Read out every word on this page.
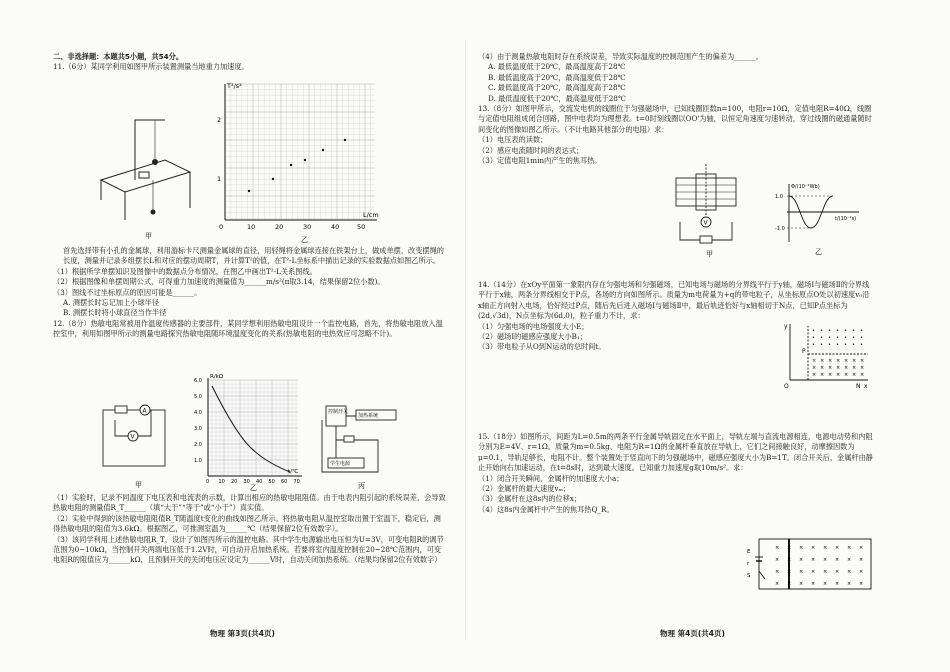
二、非选择题：本题共5小题，共54分。

11.（6分）某同学利用如图甲所示装置测量当地重力加速度。

甲
T²/s²
L/cm
1
2
0	10	20	30	40	50
乙

首先选择带有小孔的金属球，利用游标卡尺测量金属球的直径，用轻绳将金属球连接在铁架台上，做成单摆，改变摆绳的长度，测量并记录多组摆长L和对应的摆动周期T，并计算T²的值，在T²-L坐标系中描出记录的实验数据点如图乙所示。

（1）根据所学单摆知识及图像中的数据点分布情况，在图乙中画出T²-L关系图线。

（2）根据图像和单摆周期公式，可得重力加速度的测量值为______m/s²(π取3.14，结果保留2位小数)。

（3）图线不过坐标原点的原因可能是______。

A. 测摆长时忘记加上小球半径

B. 测摆长时将小球直径当作半径

12.（8分）热敏电阻常被用作温度传感器的主要部件，某同学想利用热敏电阻设计一个监控电路，首先，将热敏电阻放入温控室中，利用如图甲所示的测量电路探究热敏电阻随环境温度变化的关系(热敏电阻的电热效应可忽略不计)。

A
V
甲
R/kΩ
t/℃
1.0
2.0
3.0
4.0
5.0
6.0
0 10 20 30 40 50 60 70
乙
控制开关
加热系统
学生电源
丙

（1）实验时，记录不同温度下电压表和电流表的示数，计算出相应的热敏电阻阻值。由于电表内阻引起的系统误差，会导致热敏电阻的测量值R_T______（填“大于”“等于”或“小于”）真实值。

（2）实验中得到的该热敏电阻阻值R_T随温度t变化的曲线如图乙所示。将热敏电阻从温控室取出置于室温下，稳定后，测得热敏电阻的阻值为3.6kΩ。根据图乙，可推测室温为______℃（结果保留2位有效数字）。

（3）该同学利用上述热敏电阻R_T，设计了如图丙所示的温控电路。其中学生电源输出电压恒为U=3V，可变电阻R的调节范围为0~10kΩ，当控制开关两端电压低于1.2V时，可自动开启加热系统。若要将室内温度控制在20~28℃范围内，可变电阻R的阻值应为______kΩ，且预制开关的关闭电压应设定为______V时，自动关闭加热系统。（结果均保留2位有效数字）

物理 第3页(共4页)

（4）由于测量热敏电阻时存在系统误差，导致实际温度的控制范围产生的偏差为______。

A. 最低温度低于20℃，最高温度高于28℃

B. 最低温度高于20℃，最高温度低于28℃

C. 最低温度高于20℃，最高温度高于28℃

D. 最低温度低于20℃，最高温度低于28℃

13.（8分）如图甲所示，交流发电机的线圈位于匀强磁场中，已知线圈匝数n=100，电阻r=10Ω，定值电阻R=40Ω，线圈与定值电阻组成闭合回路，图中电表均为理想表。t=0时刻线圈以OO'为轴，以恒定角速度匀速转动，穿过线圈的磁通量随时间变化的图像如图乙所示。（不计电路其他部分的电阻）求：

（1）电压表的读数；

（2）感应电流随时间的表达式；

（3）定值电阻1min内产生的焦耳热。

V
甲
Φ/(10⁻²Wb)
t/(10⁻²s)
1.0
-1.0
乙

14.（14分）在xOy平面第一象限内存在匀强电场和匀强磁场，已知电场与磁场的分界线平行于y轴，磁场Ⅰ与磁场Ⅱ的分界线平行于x轴，两条分界线相交于P点，各场的方向如图所示。质量为m电荷量为+q的带电粒子，从坐标原点O处以初速度v₀沿x轴正方向射入电场，恰好经过P点，随后先后进入磁场Ⅰ与磁场Ⅱ中，最后轨迹恰好与x轴相切于N点，已知P点坐标为(2d,√3d)，N点坐标为(6d,0)，粒子重力不计，求：

（1）匀强电场的电场强度大小E；

（2）磁场Ⅰ的磁感应强度大小B₁；

（3）带电粒子从O到N运动的总时间t。

• • • • • • •
• • • • • • •
• • • • • • •
× × × × × × ×
× × × × × × ×
× × × × × × ×
y
x
O
P
N

15.（18分）如图所示，间距为L=0.5m的两条平行金属导轨固定在水平面上，导轨左端与直流电源相连，电源电动势和内阻分别为E=4V、r=1Ω。质量为m=0.5kg、电阻为R=1Ω的金属杆垂直放在导轨上，它们之间接触良好，动摩擦因数为μ=0.1，导轨足够长，电阻不计。整个装置处于竖直向下的匀强磁场中，磁感应强度大小为B=1T。闭合开关后，金属杆由静止开始向右加速运动，在t=8s时，达到最大速度。已知重力加速度g取10m/s²。求：

（1）闭合开关瞬间，金属杆的加速度大小a；

（2）金属杆的最大速度vₘ；

（3）金属杆在这8s内的位移x；

（4）这8s内金属杆中产生的焦耳热Q_R。

× × × × × × × ×
× × × × × × × ×
× × × × × × × ×
× × × × × × × ×
E
r
S
物理 第4页(共4页)
